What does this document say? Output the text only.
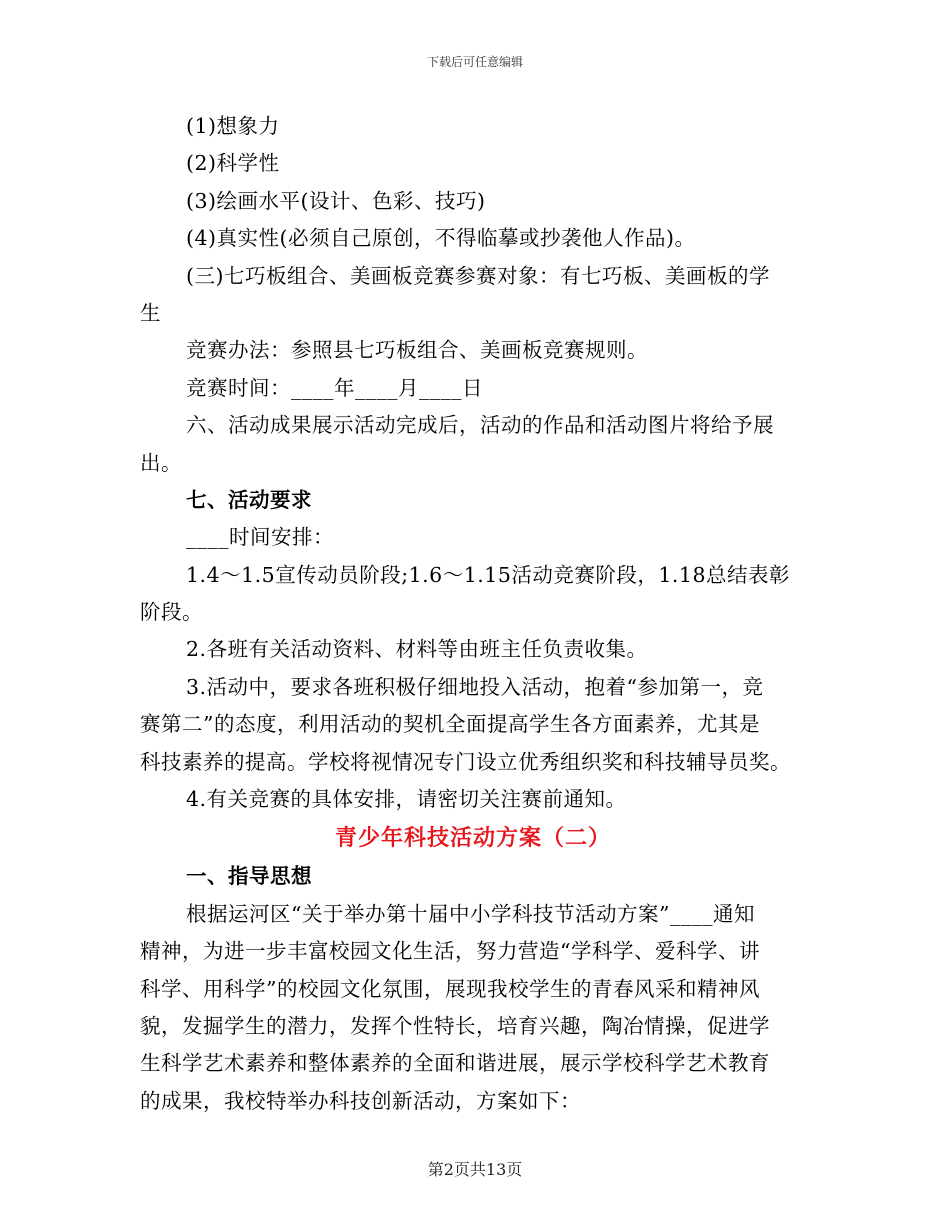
下载后可任意编辑
(1)想象力
(2)科学性
(3)绘画水平(设计、色彩、技巧)
(4)真实性(必须自己原创，不得临摹或抄袭他人作品)。
(三)七巧板组合、美画板竞赛参赛对象：有七巧板、美画板的学
生
竞赛办法：参照县七巧板组合、美画板竞赛规则。
竞赛时间：____年____月____日
六、活动成果展示活动完成后，活动的作品和活动图片将给予展
出。
七、活动要求
____时间安排：
1.4～1.5宣传动员阶段;1.6～1.15活动竞赛阶段，1.18总结表彰
阶段。
2.各班有关活动资料、材料等由班主任负责收集。
3.活动中，要求各班积极仔细地投入活动，抱着“参加第一，竞
赛第二”的态度，利用活动的契机全面提高学生各方面素养，尤其是
科技素养的提高。学校将视情况专门设立优秀组织奖和科技辅导员奖。
4.有关竞赛的具体安排，请密切关注赛前通知。
青少年科技活动方案（二）
一、指导思想
根据运河区“关于举办第十届中小学科技节活动方案”____通知
精神，为进一步丰富校园文化生活，努力营造“学科学、爱科学、讲
科学、用科学”的校园文化氛围，展现我校学生的青春风采和精神风
貌，发掘学生的潜力，发挥个性特长，培育兴趣，陶冶情操，促进学
生科学艺术素养和整体素养的全面和谐进展，展示学校科学艺术教育
的成果，我校特举办科技创新活动，方案如下：
第2页共13页
